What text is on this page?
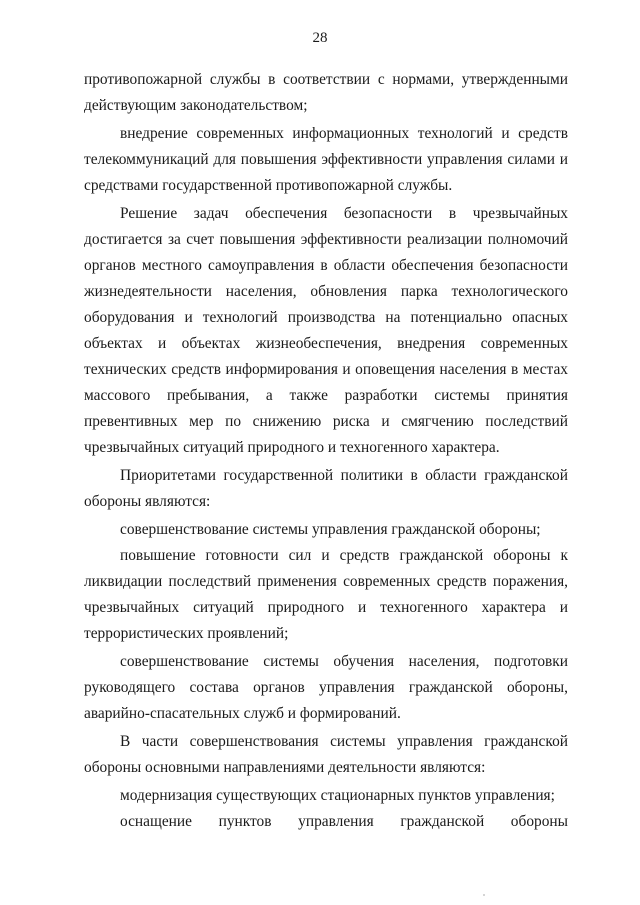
28
противопожарной службы в соответствии с нормами, утвержденными
действующим законодательством;
внедрение современных информационных технологий и средств
телекоммуникаций для повышения эффективности управления силами и
средствами государственной противопожарной службы.
Решение задач обеспечения безопасности в чрезвычайных
достигается за счет повышения эффективности реализации полномочий
органов местного самоуправления в области обеспечения безопасности
жизнедеятельности населения, обновления парка технологического
оборудования и технологий производства на потенциально опасных
объектах и объектах жизнеобеспечения, внедрения современных
технических средств информирования и оповещения населения в местах
массового пребывания, а также разработки системы принятия
превентивных мер по снижению риска и смягчению последствий
чрезвычайных ситуаций природного и техногенного характера.
Приоритетами государственной политики в области гражданской
обороны являются:
совершенствование системы управления гражданской обороны;
повышение готовности сил и средств гражданской обороны к
ликвидации последствий применения современных средств поражения,
чрезвычайных ситуаций природного и техногенного характера и
террористических проявлений;
совершенствование системы обучения населения, подготовки
руководящего состава органов управления гражданской обороны,
аварийно-спасательных служб и формирований.
В части совершенствования системы управления гражданской
обороны основными направлениями деятельности являются:
модернизация существующих стационарных пунктов управления;
оснащение пунктов управления гражданской обороны
